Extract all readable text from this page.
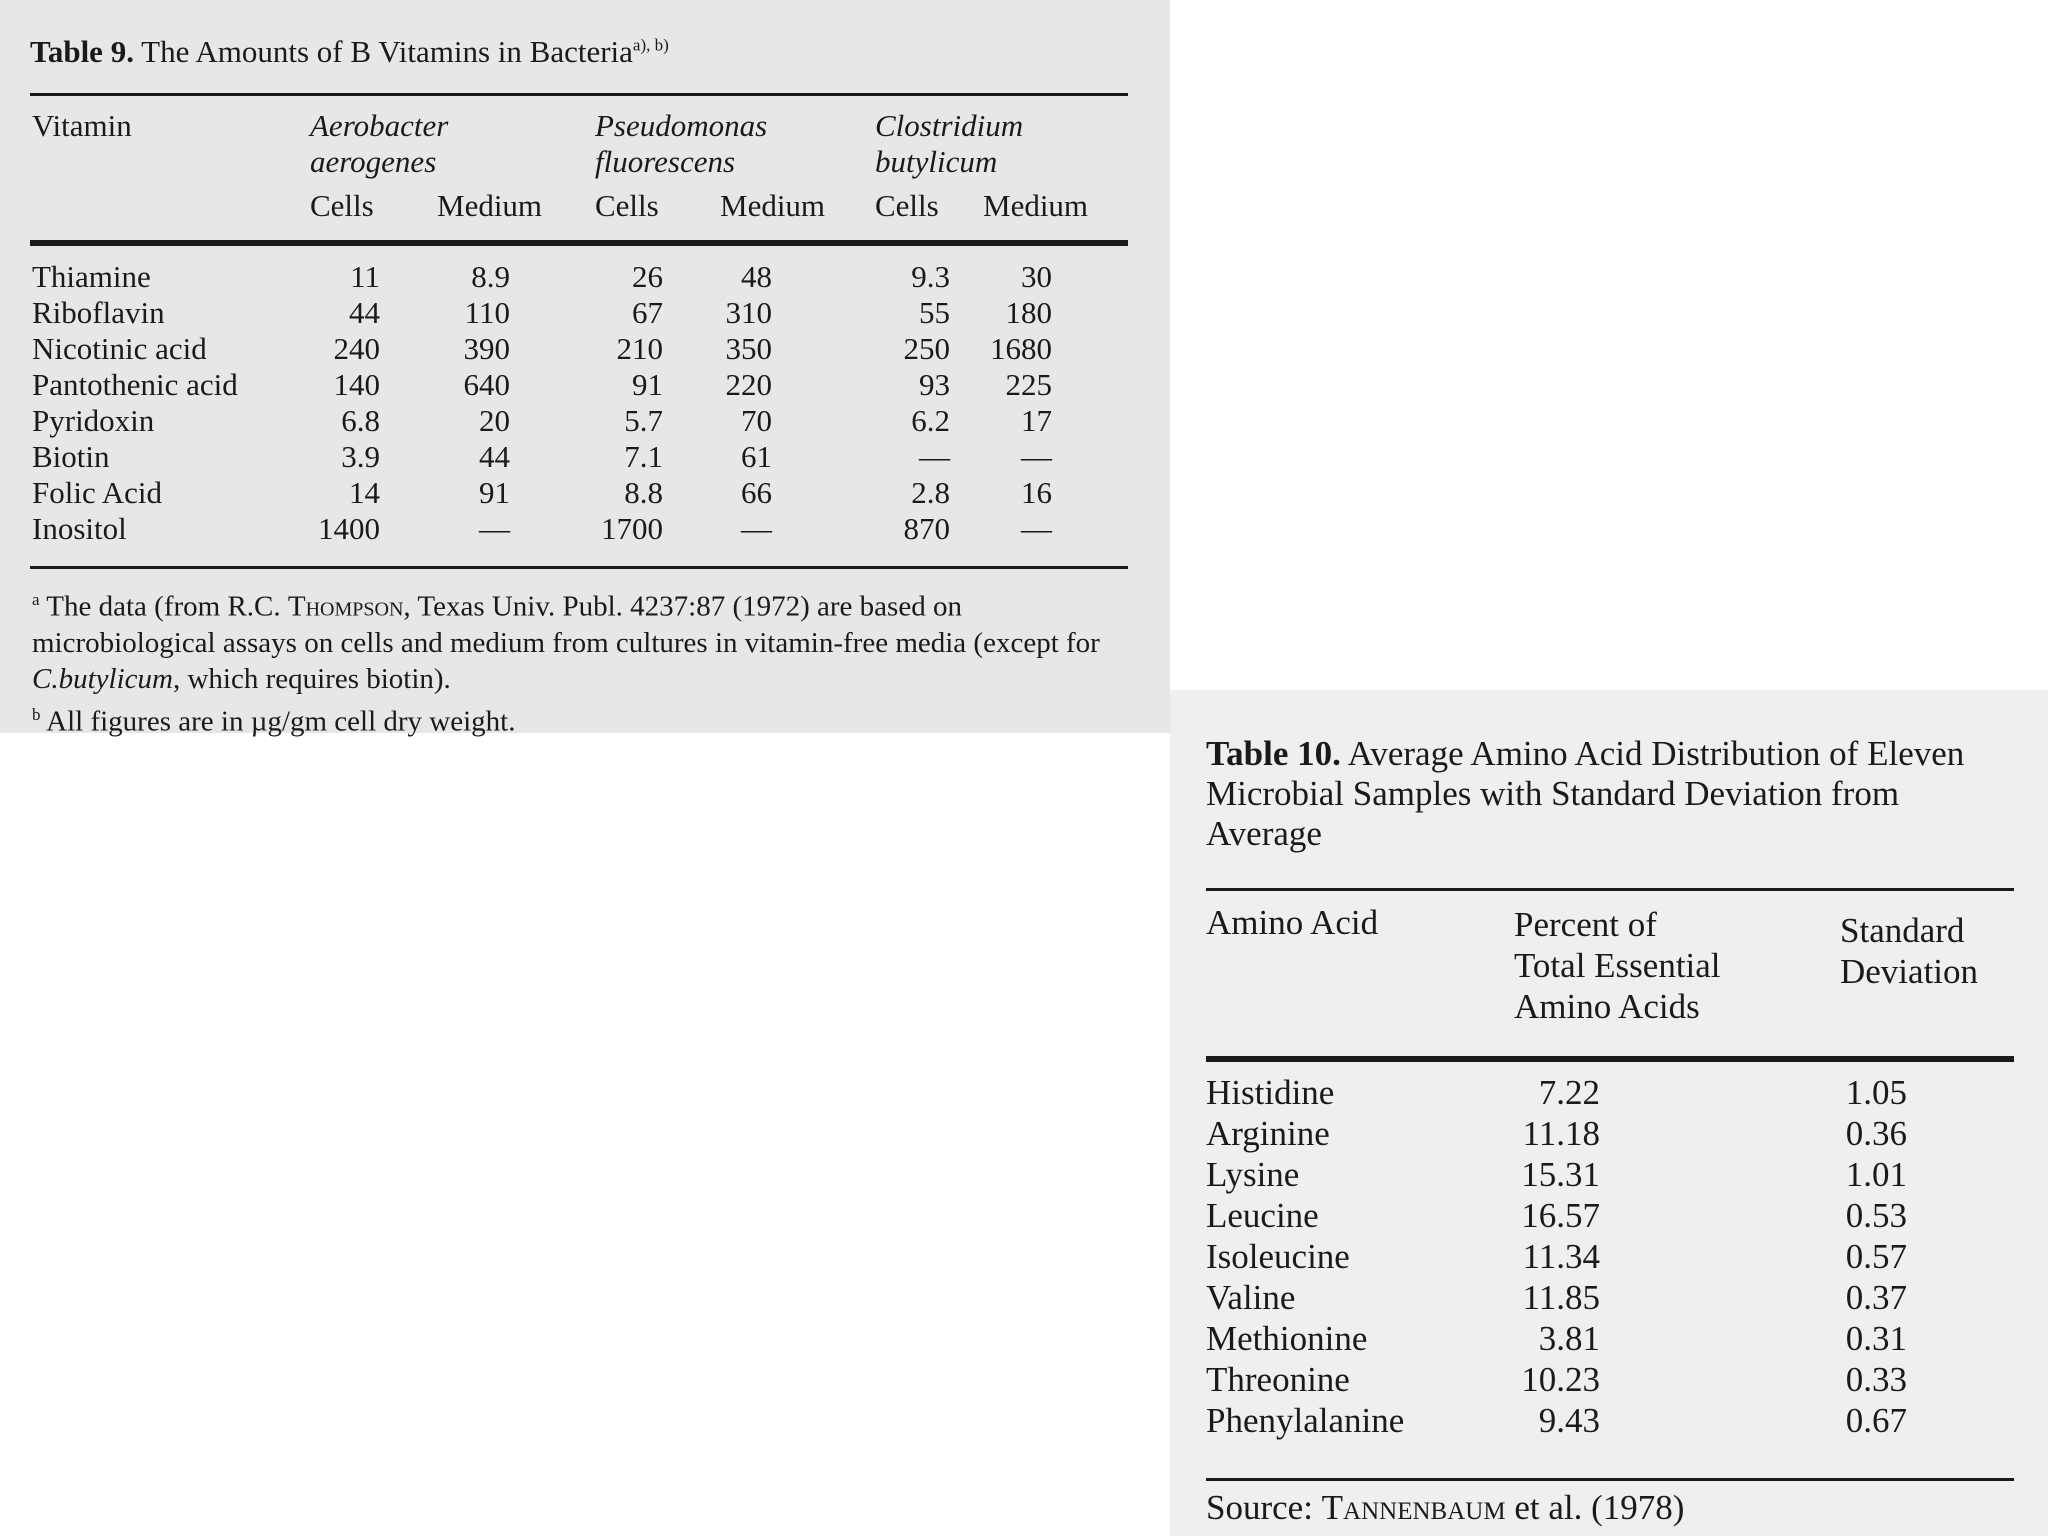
Table 9. The Amounts of B Vitamins in Bacteria$^{a), b)}$
Vitamin	Aerobacter
aerogenes
Pseudomonas
fluorescens
Clostridium
butylicum
Cells Medium Cells Medium Cells Medium
Thiamine	11	8.9	26	48	9.3 30
Riboflavin	44	110	67 310	55 180
Nicotinic acid	240	390	210 350	250 1680
Pantothenic acid	140	640	91 220	93 225
Pyridoxin	6.8	20	5.7	70	6.2 17
Biotin	3.9	44	7.1	61	— —
Folic Acid	14	91	8.8	66	2.8 16
Inositol	1400	—	1700	—	870 —

$^a$ The data (from R.C. Thompson, Texas Univ. Publ. 4237:87 (1972) are based on microbiological assays on cells and medium from cultures in vitamin-free media (except for C.butylicum, which requires biotin).

$^b$ All figures are in µg/gm cell dry weight.

Table 10. Average Amino Acid Distribution of Eleven Microbial Samples with Standard Deviation from Average
Amino Acid	Percent of
Total Essential
Amino Acids
Standard
Deviation
Histidine	7.22	1.05
Arginine	11.18	0.36
Lysine	15.31	1.01
Leucine	16.57	0.53
Isoleucine	11.34	0.57
Valine	11.85	0.37
Methionine	3.81	0.31
Threonine	10.23	0.33
Phenylalanine	9.43	0.67
Source: Tannenbaum et al. (1978)
